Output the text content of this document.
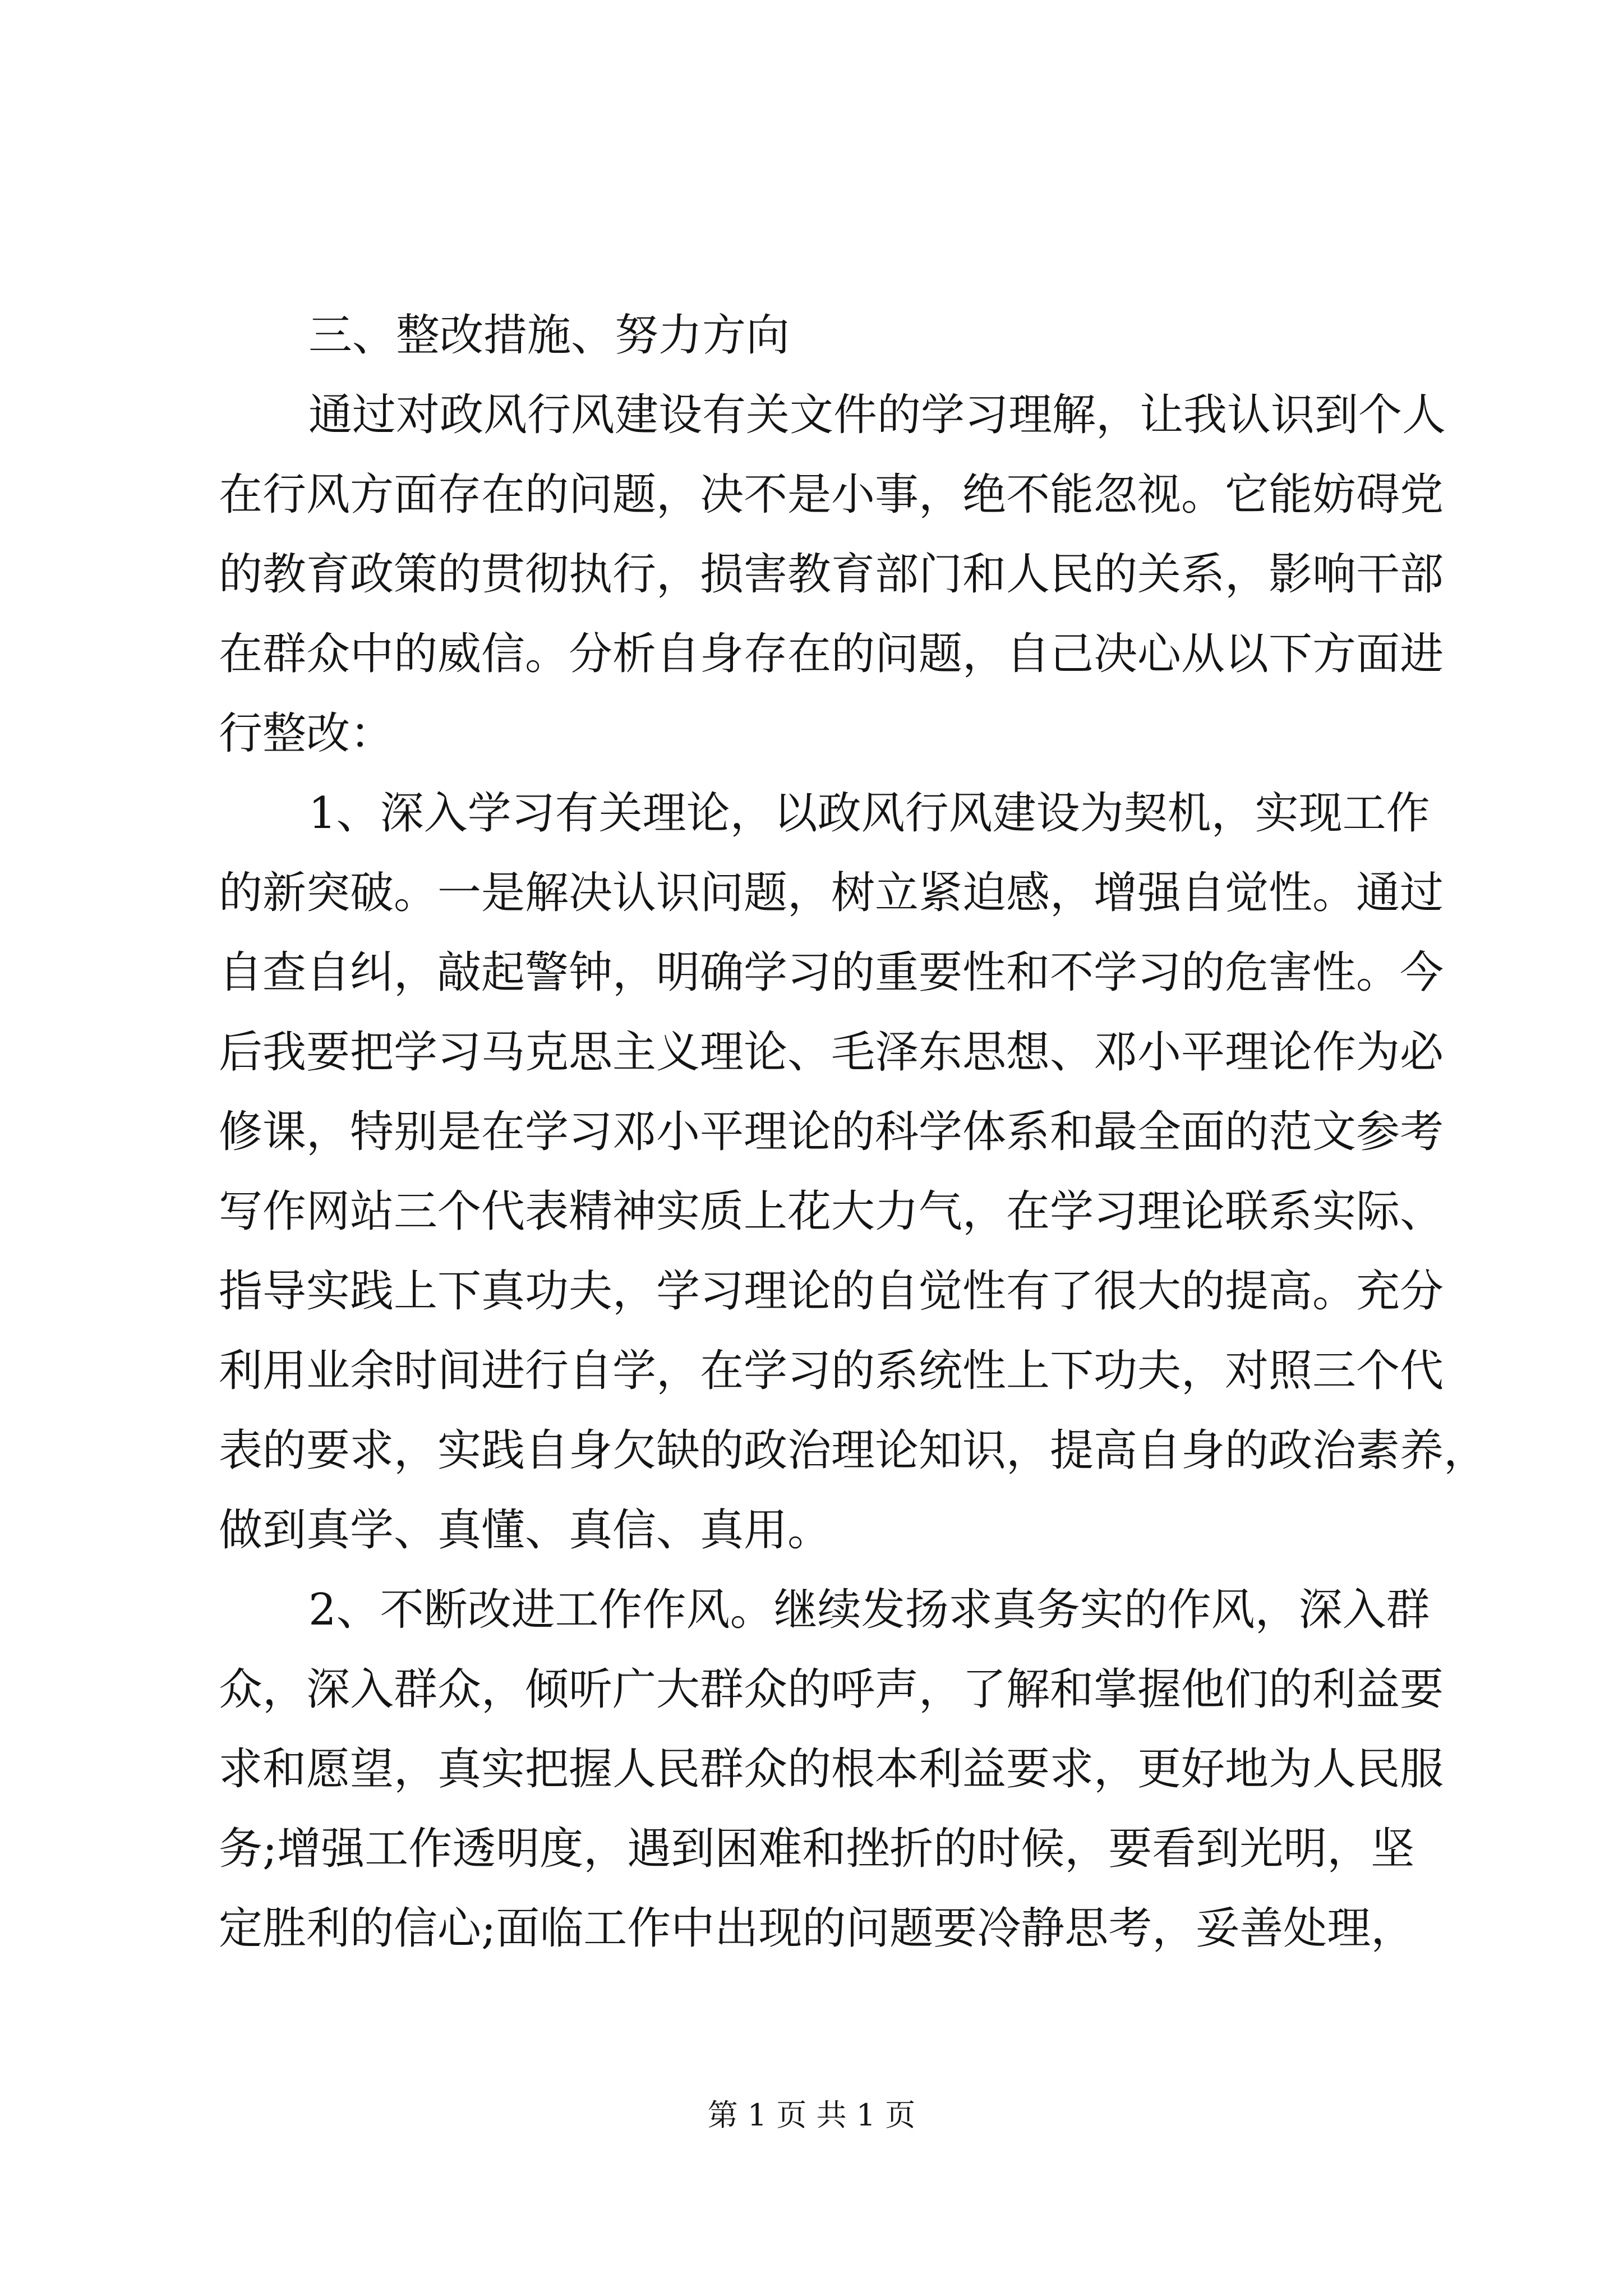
三、整改措施、努力方向
通过对政风行风建设有关文件的学习理解，让我认识到个人
在行风方面存在的问题，决不是小事，绝不能忽视。它能妨碍党
的教育政策的贯彻执行，损害教育部门和人民的关系，影响干部
在群众中的威信。分析自身存在的问题，自己决心从以下方面进
行整改：
1、深入学习有关理论，以政风行风建设为契机，实现工作
的新突破。一是解决认识问题，树立紧迫感，增强自觉性。通过
自查自纠，敲起警钟，明确学习的重要性和不学习的危害性。今
后我要把学习马克思主义理论、毛泽东思想、邓小平理论作为必
修课，特别是在学习邓小平理论的科学体系和最全面的范文参考
写作网站三个代表精神实质上花大力气，在学习理论联系实际、
指导实践上下真功夫，学习理论的自觉性有了很大的提高。充分
利用业余时间进行自学，在学习的系统性上下功夫，对照三个代
表的要求，实践自身欠缺的政治理论知识，提高自身的政治素养，
做到真学、真懂、真信、真用。
2、不断改进工作作风。继续发扬求真务实的作风，深入群
众，深入群众，倾听广大群众的呼声，了解和掌握他们的利益要
求和愿望，真实把握人民群众的根本利益要求，更好地为人民服
务;增强工作透明度，遇到困难和挫折的时候，要看到光明，坚
定胜利的信心;面临工作中出现的问题要冷静思考，妥善处理，
第 1 页 共 1 页
